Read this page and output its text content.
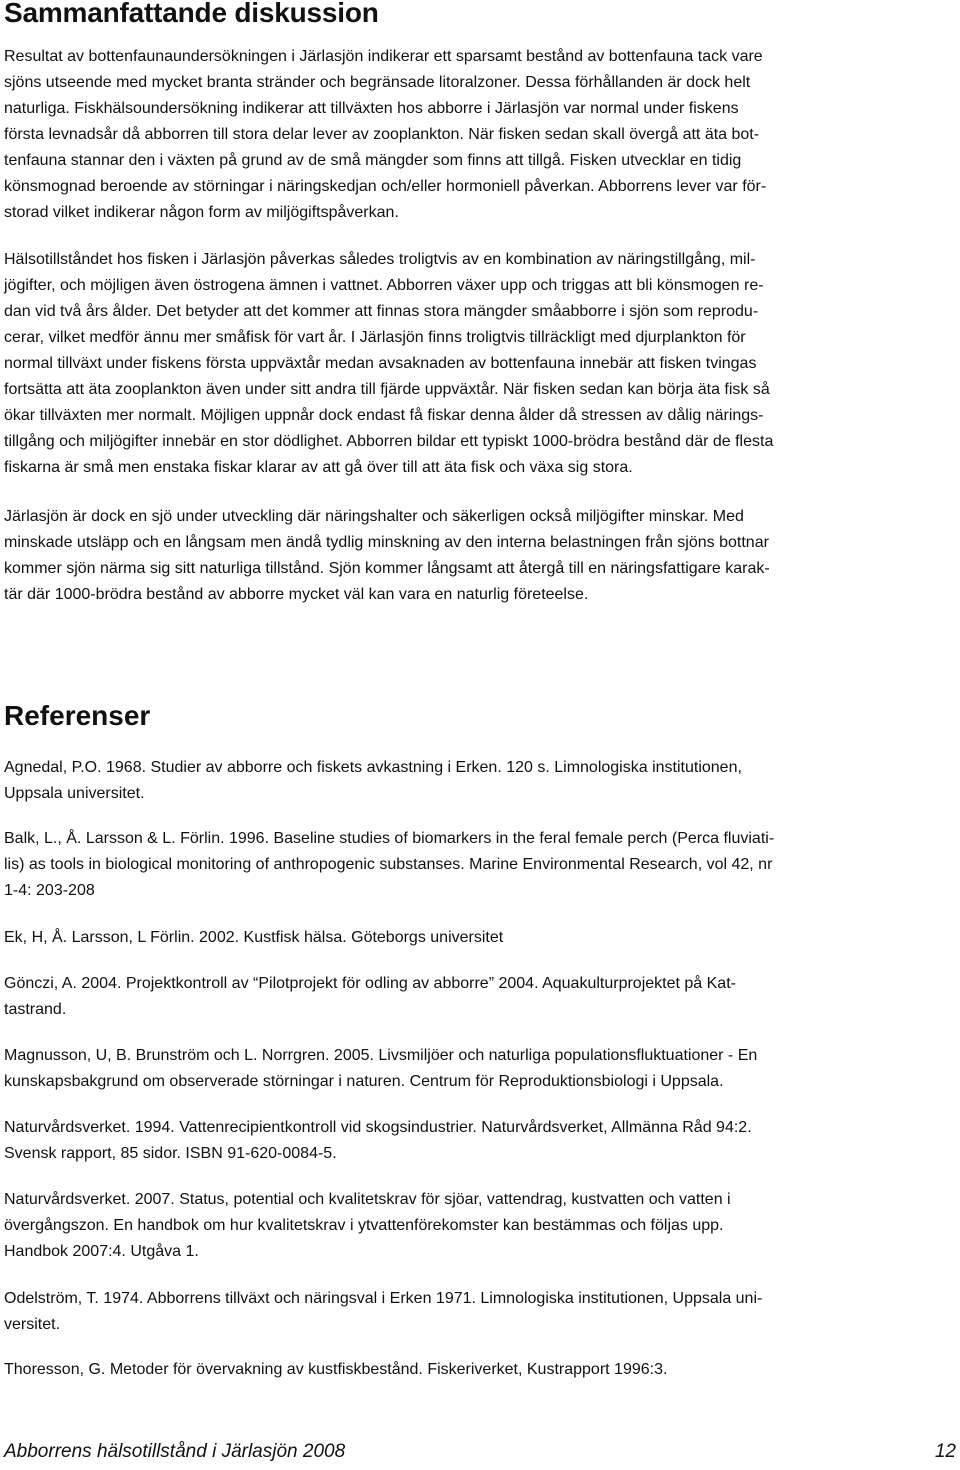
Sammanfattande diskussion

Resultat av bottenfaunaundersökningen i Järlasjön indikerar ett sparsamt bestånd av bottenfauna tack vare
sjöns utseende med mycket branta stränder och begränsade litoralzoner. Dessa förhållanden är dock helt
naturliga. Fiskhälsoundersökning indikerar att tillväxten hos abborre i Järlasjön var normal under fiskens
första levnadsår då abborren till stora delar lever av zooplankton. När fisken sedan skall övergå att äta bot-
tenfauna stannar den i växten på grund av de små mängder som finns att tillgå. Fisken utvecklar en tidig
könsmognad beroende av störningar i näringskedjan och/eller hormoniell påverkan. Abborrens lever var för-
storad vilket indikerar någon form av miljögiftspåverkan.

Hälsotillståndet hos fisken i Järlasjön påverkas således troligtvis av en kombination av näringstillgång, mil-
jögifter, och möjligen även östrogena ämnen i vattnet. Abborren växer upp och triggas att bli könsmogen re-
dan vid två års ålder. Det betyder att det kommer att finnas stora mängder småabborre i sjön som reprodu-
cerar, vilket medför ännu mer småfisk för vart år. I Järlasjön finns troligtvis tillräckligt med djurplankton för
normal tillväxt under fiskens första uppväxtår medan avsaknaden av bottenfauna innebär att fisken tvingas
fortsätta att äta zooplankton även under sitt andra till fjärde uppväxtår. När fisken sedan kan börja äta fisk så
ökar tillväxten mer normalt. Möjligen uppnår dock endast få fiskar denna ålder då stressen av dålig närings-
tillgång och miljögifter innebär en stor dödlighet. Abborren bildar ett typiskt 1000-brödra bestånd där de flesta
fiskarna är små men enstaka fiskar klarar av att gå över till att äta fisk och växa sig stora.

Järlasjön är dock en sjö under utveckling där näringshalter och säkerligen också miljögifter minskar. Med
minskade utsläpp och en långsam men ändå tydlig minskning av den interna belastningen från sjöns bottnar
kommer sjön närma sig sitt naturliga tillstånd. Sjön kommer långsamt att återgå till en näringsfattigare karak-
tär där 1000-brödra bestånd av abborre mycket väl kan vara en naturlig företeelse.

Referenser

Agnedal, P.O. 1968. Studier av abborre och fiskets avkastning i Erken. 120 s. Limnologiska institutionen,
Uppsala universitet.

Balk, L., Å. Larsson & L. Förlin. 1996. Baseline studies of biomarkers in the feral female perch (Perca fluviati-
lis) as tools in biological monitoring of anthropogenic substanses. Marine Environmental Research, vol 42, nr
1-4: 203-208

Ek, H, Å. Larsson, L Förlin. 2002. Kustfisk hälsa. Göteborgs universitet

Gönczi, A. 2004. Projektkontroll av “Pilotprojekt för odling av abborre” 2004. Aquakulturprojektet på Kat-
tastrand.

Magnusson, U, B. Brunström och L. Norrgren. 2005. Livsmiljöer och naturliga populationsfluktuationer - En
kunskapsbakgrund om observerade störningar i naturen. Centrum för Reproduktionsbiologi i Uppsala.

Naturvårdsverket. 1994. Vattenrecipientkontroll vid skogsindustrier. Naturvårdsverket, Allmänna Råd 94:2.
Svensk rapport, 85 sidor. ISBN 91-620-0084-5.

Naturvårdsverket. 2007. Status, potential och kvalitetskrav för sjöar, vattendrag, kustvatten och vatten i
övergångszon. En handbok om hur kvalitetskrav i ytvattenförekomster kan bestämmas och följas upp.
Handbok 2007:4. Utgåva 1.

Odelström, T. 1974. Abborrens tillväxt och näringsval i Erken 1971. Limnologiska institutionen, Uppsala uni-
versitet.

Thoresson, G. Metoder för övervakning av kustfiskbestånd. Fiskeriverket, Kustrapport 1996:3.

Abborrens hälsotillstånd i Järlasjön 2008	12
